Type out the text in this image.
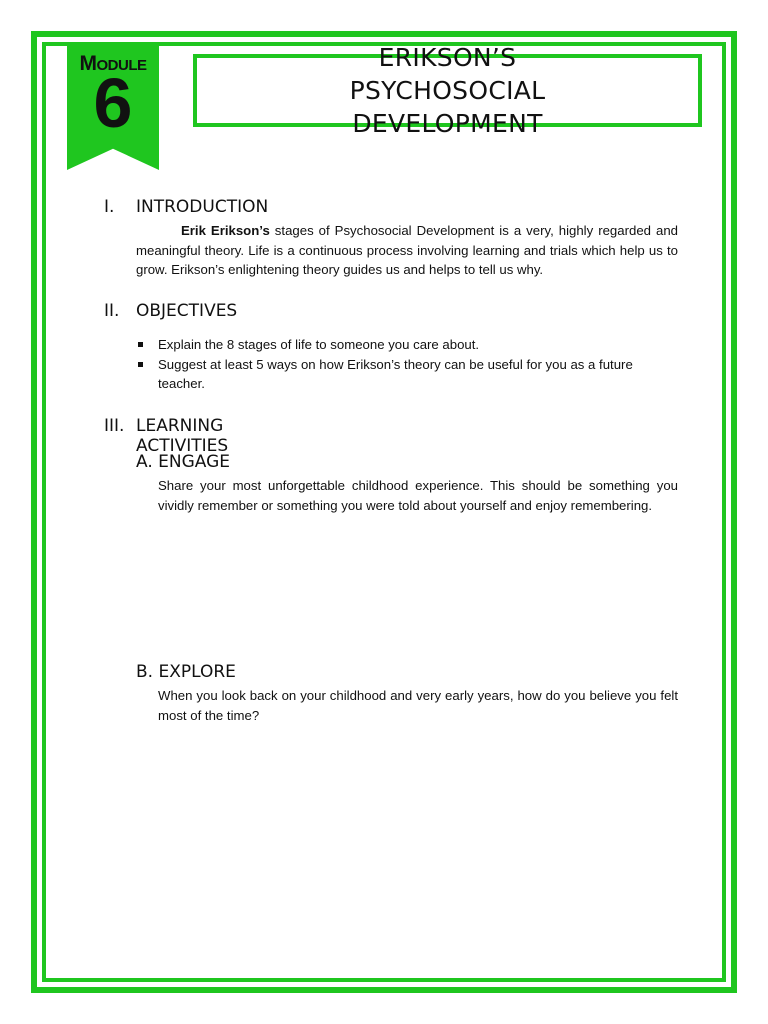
Module
6
ERIKSON’S PSYCHOSOCIAL DEVELOPMENT
I. INTRODUCTION
Erik Erikson’s stages of Psychosocial Development is a very, highly regarded and meaningful theory. Life is a continuous process involving learning and trials which help us to grow. Erikson’s enlightening theory guides us and helps to tell us why.
II. OBJECTIVES
Explain the 8 stages of life to someone you care about.
Suggest at least 5 ways on how Erikson’s theory can be useful for you as a future teacher.
III. LEARNING ACTIVITIES
A. ENGAGE
Share your most unforgettable childhood experience. This should be something you vividly remember or something you were told about yourself and enjoy remembering.
B. EXPLORE
When you look back on your childhood and very early years, how do you believe you felt most of the time?
